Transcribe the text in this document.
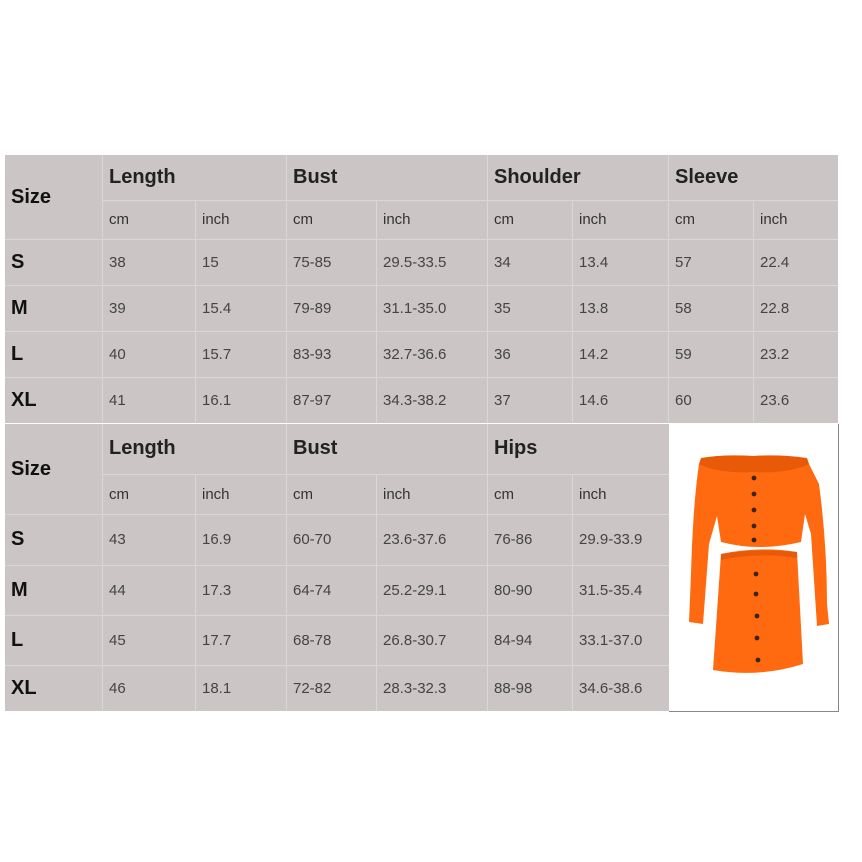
Size
Length	Bust	Shoulder	Sleeve
cm	inch	cm	inch	cm	inch	cm	inch
S	38	15	75-85	29.5-33.5	34	13.4	57	22.4
M	39	15.4	79-89	31.1-35.0	35	13.8	58	22.8
L	40	15.7	83-93	32.7-36.6	36	14.2	59	23.2
XL	41	16.1	87-97	34.3-38.2	37	14.6	60	23.6
Size
Length	Bust	Hips
cm	inch	cm	inch	cm	inch
S	43	16.9	60-70	23.6-37.6	76-86	29.9-33.9
M	44	17.3	64-74	25.2-29.1	80-90	31.5-35.4
L	45	17.7	68-78	26.8-30.7	84-94	33.1-37.0
XL	46	18.1	72-82	28.3-32.3	88-98	34.6-38.6
